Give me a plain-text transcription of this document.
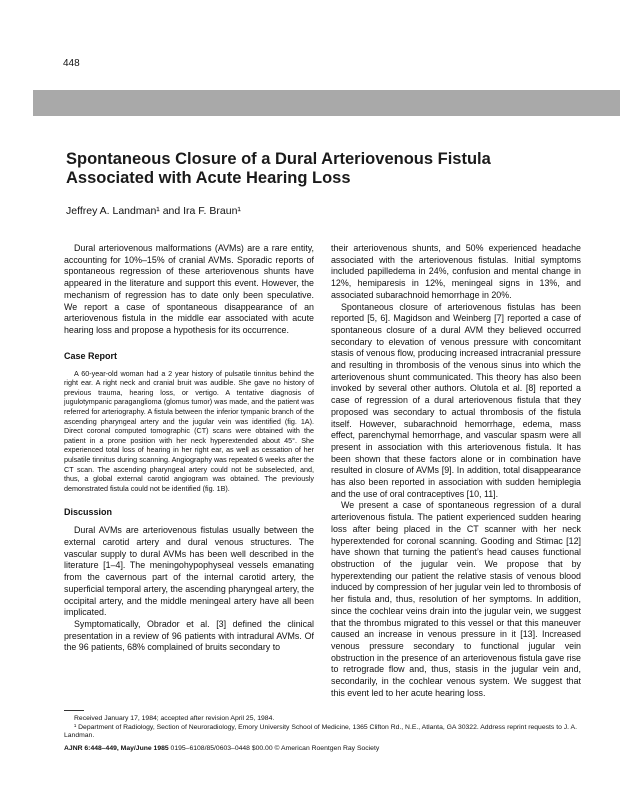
448
Spontaneous Closure of a Dural Arteriovenous Fistula Associated with Acute Hearing Loss
Jeffrey A. Landman¹ and Ira F. Braun¹

Dural arteriovenous malformations (AVMs) are a rare entity, accounting for 10%–15% of cranial AVMs. Sporadic reports of spontaneous regression of these arteriovenous shunts have appeared in the literature and support this event. However, the mechanism of regression has to date only been speculative. We report a case of spontaneous disappearance of an arteriovenous fistula in the middle ear associated with acute hearing loss and propose a hypothesis for its occurrence.

Case Report

A 60-year-old woman had a 2 year history of pulsatile tinnitus behind the right ear. A right neck and cranial bruit was audible. She gave no history of previous trauma, hearing loss, or vertigo. A tentative diagnosis of jugulotympanic paraganglioma (glomus tumor) was made, and the patient was referred for arteriography. A fistula between the inferior tympanic branch of the ascending pharyngeal artery and the jugular vein was identified (fig. 1A). Direct coronal computed tomographic (CT) scans were obtained with the patient in a prone position with her neck hyperextended about 45°. She experienced total loss of hearing in her right ear, as well as cessation of her pulsatile tinnitus during scanning. Angiography was repeated 6 weeks after the CT scan. The ascending pharyngeal artery could not be subselected, and, thus, a global external carotid angiogram was obtained. The previously demonstrated fistula could not be identified (fig. 1B).

Discussion

Dural AVMs are arteriovenous fistulas usually between the external carotid artery and dural venous structures. The vascular supply to dural AVMs has been well described in the literature [1–4]. The meningohypophyseal vessels emanating from the cavernous part of the internal carotid artery, the superficial temporal artery, the ascending pharyngeal artery, the occipital artery, and the middle meningeal artery have all been implicated.

Symptomatically, Obrador et al. [3] defined the clinical presentation in a review of 96 patients with intradural AVMs. Of the 96 patients, 68% complained of bruits secondary to

their arteriovenous shunts, and 50% experienced headache associated with the arteriovenous fistulas. Initial symptoms included papilledema in 24%, confusion and mental change in 12%, hemiparesis in 12%, meningeal signs in 13%, and associated subarachnoid hemorrhage in 20%.

Spontaneous closure of arteriovenous fistulas has been reported [5, 6]. Magidson and Weinberg [7] reported a case of spontaneous closure of a dural AVM they believed occurred secondary to elevation of venous pressure with concomitant stasis of venous flow, producing increased intracranial pressure and resulting in thrombosis of the venous sinus into which the arteriovenous shunt communicated. This theory has also been invoked by several other authors. Olutola et al. [8] reported a case of regression of a dural arteriovenous fistula that they proposed was secondary to actual thrombosis of the fistula itself. However, subarachnoid hemorrhage, edema, mass effect, parenchymal hemorrhage, and vascular spasm were all present in association with this arteriovenous fistula. It has been shown that these factors alone or in combination have resulted in closure of AVMs [9]. In addition, total disappearance has also been reported in association with sudden hemiplegia and the use of oral contraceptives [10, 11].

We present a case of spontaneous regression of a dural arteriovenous fistula. The patient experienced sudden hearing loss after being placed in the CT scanner with her neck hyperextended for coronal scanning. Gooding and Stimac [12] have shown that turning the patient’s head causes functional obstruction of the jugular vein. We propose that by hyperextending our patient the relative stasis of venous blood induced by compression of her jugular vein led to thrombosis of her fistula and, thus, resolution of her symptoms. In addition, since the cochlear veins drain into the jugular vein, we suggest that the thrombus migrated to this vessel or that this maneuver caused an increase in venous pressure in it [13]. Increased venous pressure secondary to functional jugular vein obstruction in the presence of an arteriovenous fistula gave rise to retrograde flow and, thus, stasis in the jugular vein and, secondarily, in the cochlear venous system. We suggest that this event led to her acute hearing loss.

Received January 17, 1984; accepted after revision April 25, 1984.
¹ Department of Radiology, Section of Neuroradiology, Emory University School of Medicine, 1365 Clifton Rd., N.E., Atlanta, GA 30322. Address reprint requests to J. A. Landman.
AJNR 6:448–449, May/June 1985 0195–6108/85/0603–0448 $00.00 © American Roentgen Ray Society
